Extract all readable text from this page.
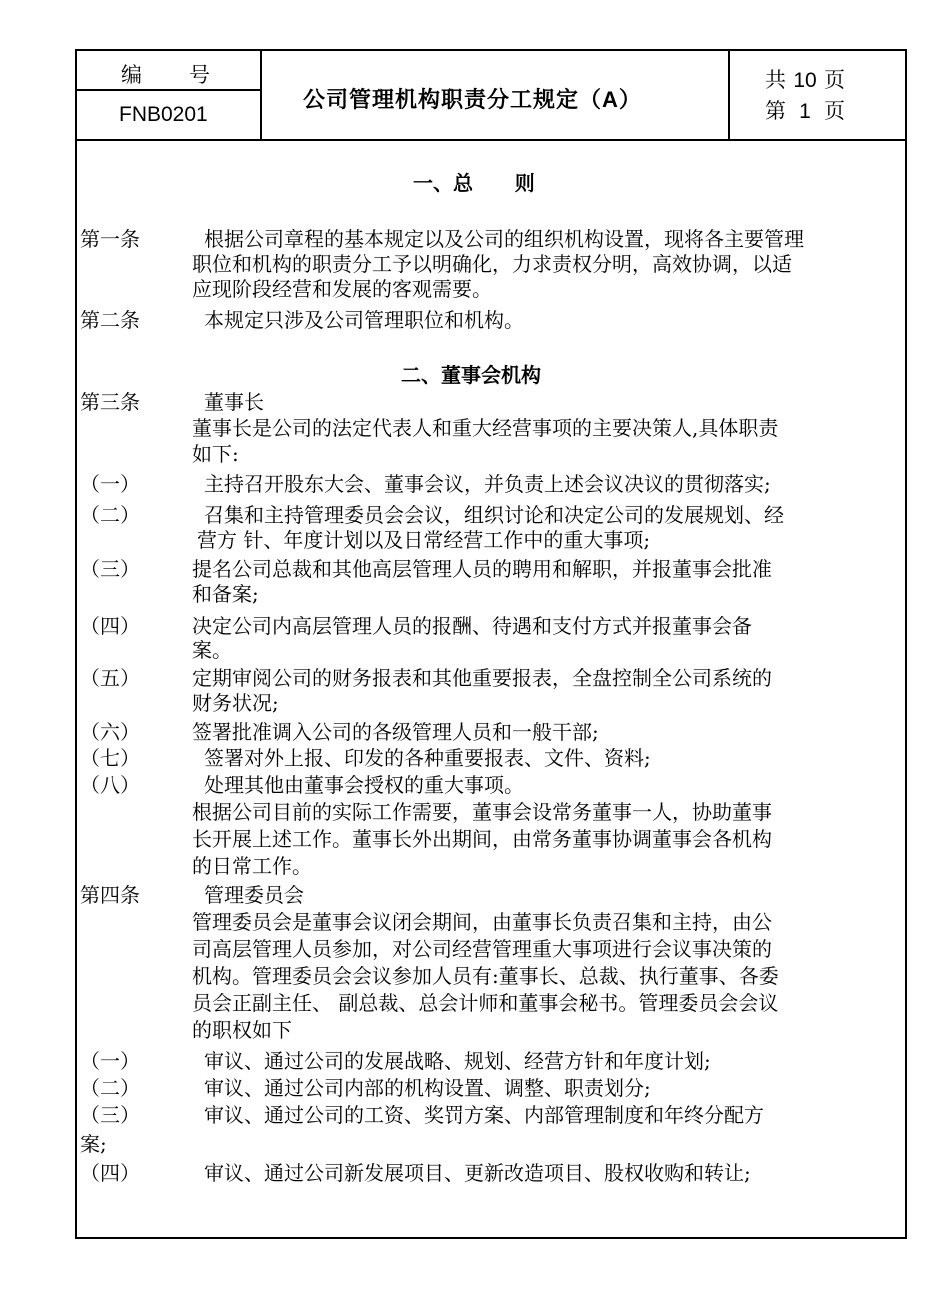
编      号
FNB0201
公司管理机构职责分工规定（A）
共 10 页
第 1 页
一、总      则
第一条	根据公司章程的基本规定以及公司的组织机构设置，现将各主要管理
职位和机构的职责分工予以明确化，力求责权分明，高效协调，以适
应现阶段经营和发展的客观需要。
第二条	本规定只涉及公司管理职位和机构。
二、董事会机构
第三条	董事长
董事长是公司的法定代表人和重大经营事项的主要决策人,具体职责
如下:
（一）	主持召开股东大会、董事会议，并负责上述会议决议的贯彻落实;
（二）	召集和主持管理委员会会议，组织讨论和决定公司的发展规划、经
营方 针、年度计划以及日常经营工作中的重大事项;
（三）	提名公司总裁和其他高层管理人员的聘用和解职，并报董事会批准
和备案;
（四）	决定公司内高层管理人员的报酬、待遇和支付方式并报董事会备
案。
（五）	定期审阅公司的财务报表和其他重要报表，全盘控制全公司系统的
财务状况;
（六）	签署批准调入公司的各级管理人员和一般干部;
（七）	签署对外上报、印发的各种重要报表、文件、资料;
（八）	处理其他由董事会授权的重大事项。
根据公司目前的实际工作需要，董事会设常务董事一人，协助董事
长开展上述工作。董事长外出期间，由常务董事协调董事会各机构
的日常工作。
第四条	管理委员会
管理委员会是董事会议闭会期间，由董事长负责召集和主持，由公
司高层管理人员参加，对公司经营管理重大事项进行会议事决策的
机构。管理委员会会议参加人员有:董事长、总裁、执行董事、各委
员会正副主任、 副总裁、总会计师和董事会秘书。管理委员会会议
的职权如下
（一）	审议、通过公司的发展战略、规划、经营方针和年度计划;
（二）	审议、通过公司内部的机构设置、调整、职责划分;
（三）	审议、通过公司的工资、奖罚方案、内部管理制度和年终分配方
案;
（四）	审议、通过公司新发展项目、更新改造项目、股权收购和转让;
